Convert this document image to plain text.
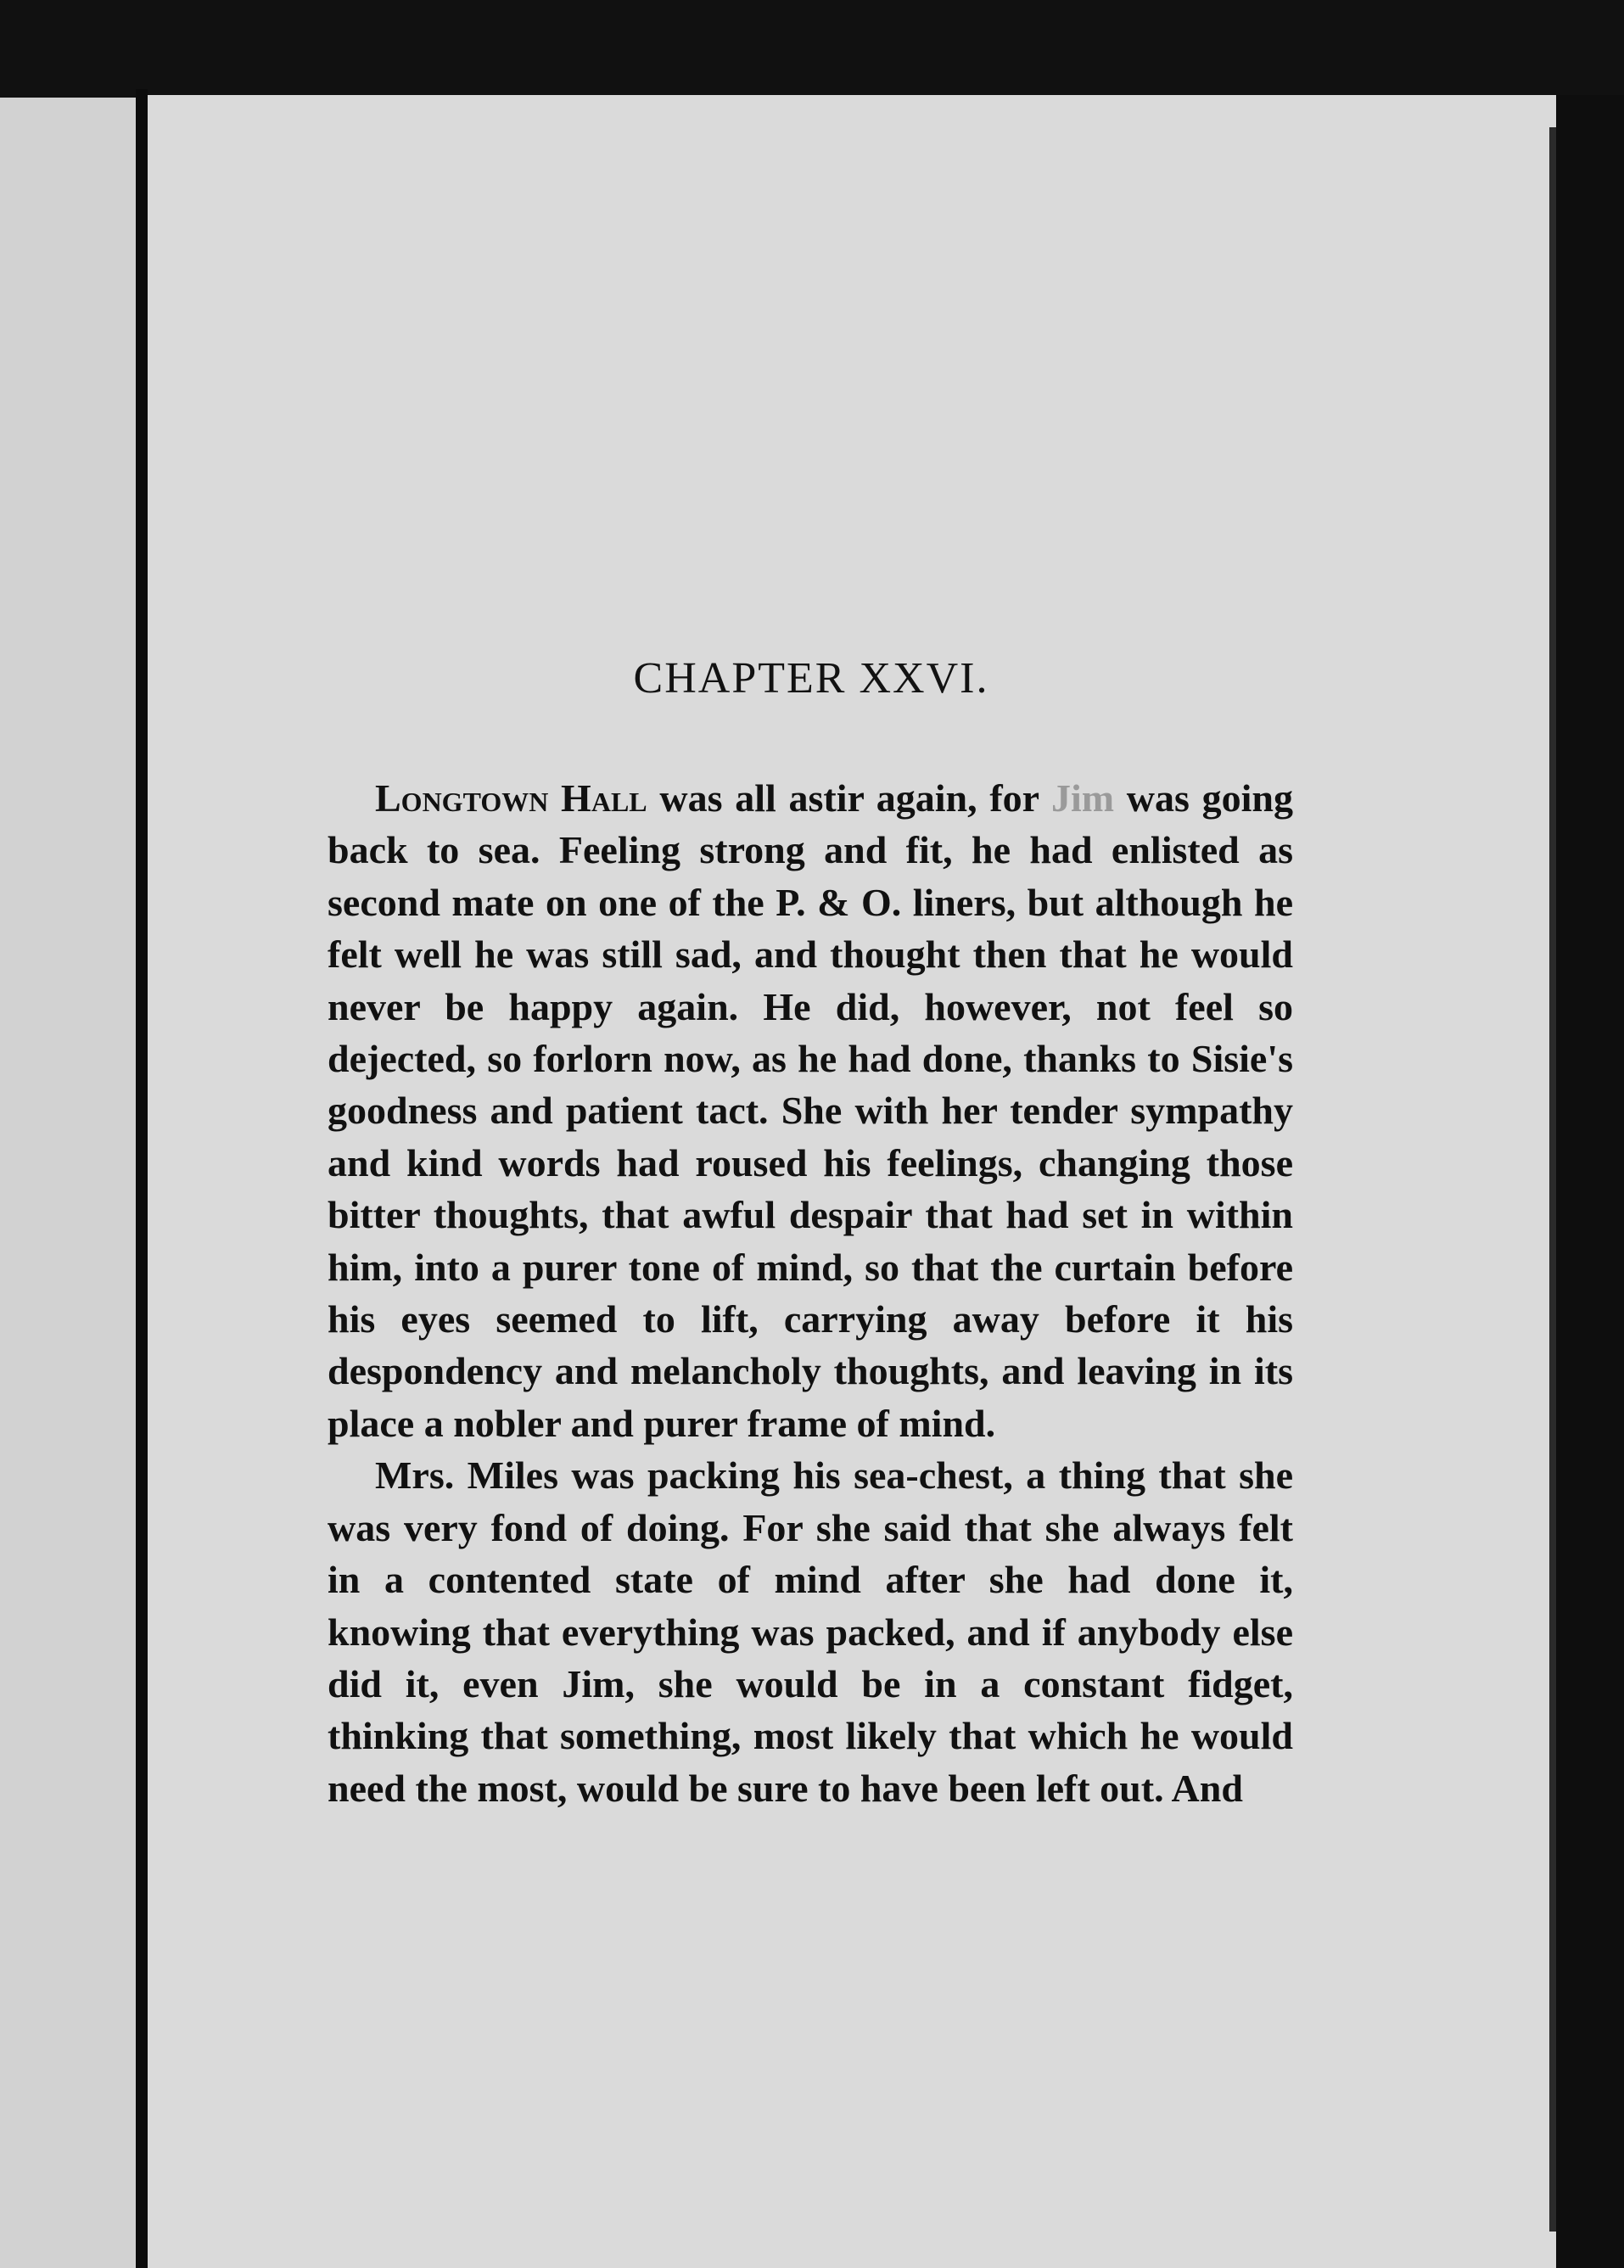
CHAPTER XXVI.

Longtown Hall was all astir again, for Jim was going back to sea. Feeling strong and fit, he had enlisted as second mate on one of the P. & O. liners, but although he felt well he was still sad, and thought then that he would never be happy again. He did, however, not feel so dejected, so forlorn now, as he had done, thanks to Sisie's goodness and patient tact. She with her tender sympathy and kind words had roused his feelings, changing those bitter thoughts, that awful despair that had set in within him, into a purer tone of mind, so that the curtain before his eyes seemed to lift, carrying away before it his despondency and melancholy thoughts, and leaving in its place a nobler and purer frame of mind.

Mrs. Miles was packing his sea-chest, a thing that she was very fond of doing. For she said that she always felt in a contented state of mind after she had done it, knowing that everything was packed, and if anybody else did it, even Jim, she would be in a constant fidget, thinking that something, most likely that which he would need the most, would be sure to have been left out. And
